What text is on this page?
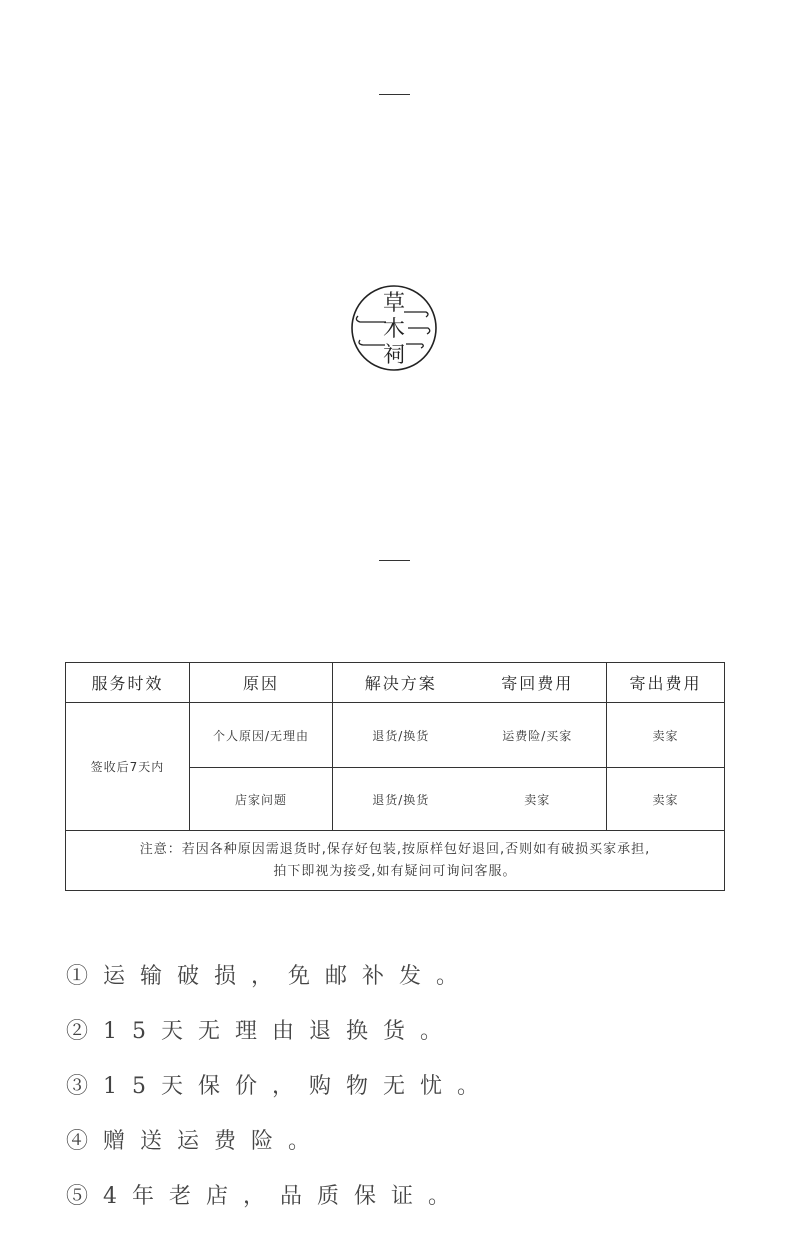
草
木
祠
服务时效	原因	解决方案	寄回费用	寄出费用
签收后7天内	个人原因/无理由	退货/换货	运费险/买家	卖家
	店家问题	退货/换货	卖家	卖家

注意：若因各种原因需退货时,保存好包装,按原样包好退回,否则如有破损买家承担,
拍下即视为接受,如有疑问可询问客服。				
①运输破损，免邮补发。
②15天无理由退换货。
③15天保价，购物无忧。
④赠送运费险。
⑤4年老店，品质保证。
